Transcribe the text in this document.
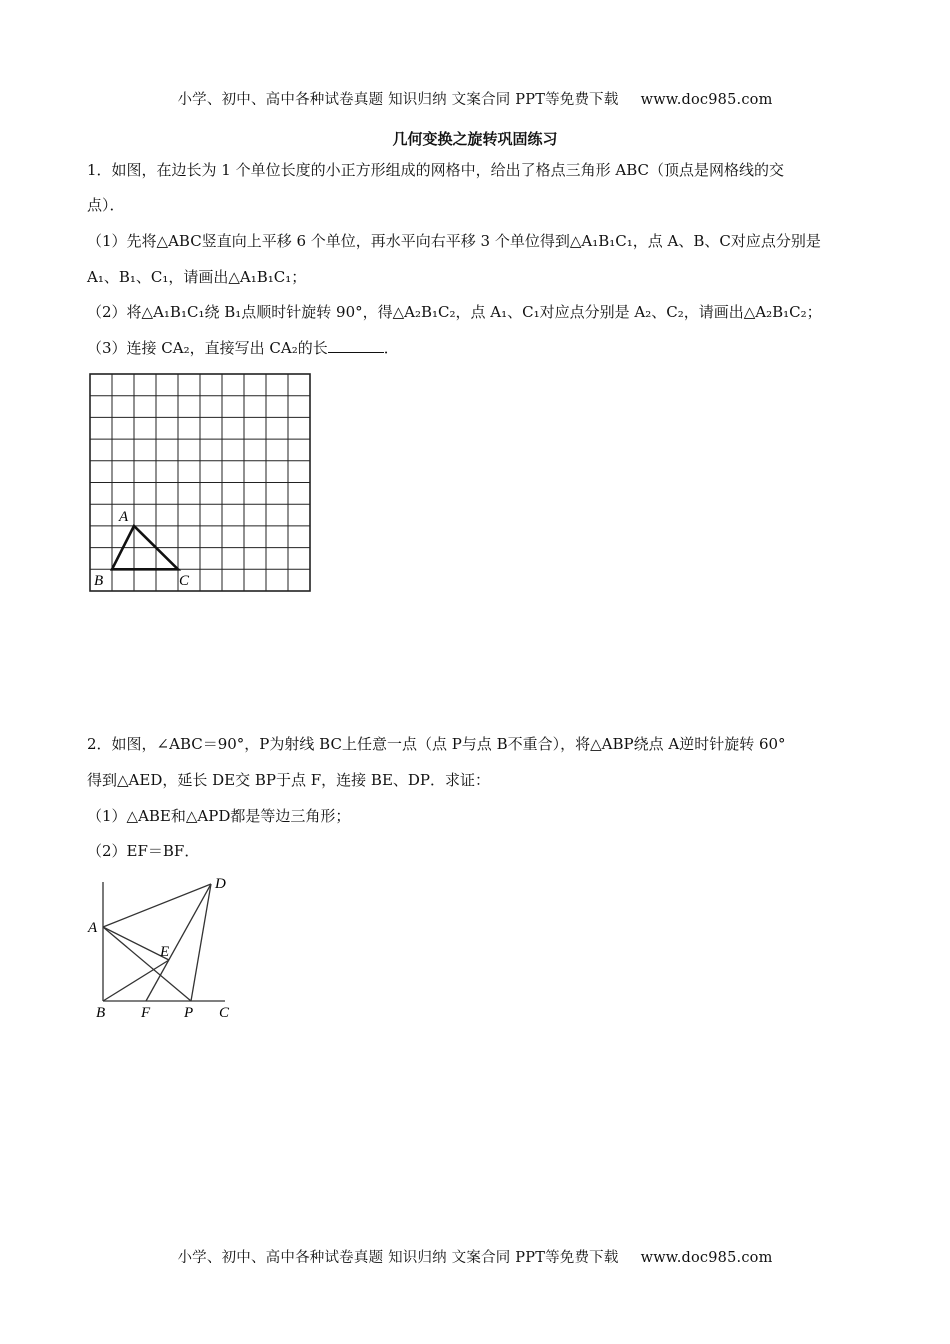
小学、初中、高中各种试卷真题 知识归纳 文案合同 PPT等免费下载 www.doc985.com
几何变换之旋转巩固练习
1．如图，在边长为 1 个单位长度的小正方形组成的网格中，给出了格点三角形 ABC（顶点是网格线的交
点）．
（1）先将△ABC竖直向上平移 6 个单位，再水平向右平移 3 个单位得到△A₁B₁C₁，点 A、B、C对应点分别是
A₁、B₁、C₁，请画出△A₁B₁C₁；
（2）将△A₁B₁C₁绕 B₁点顺时针旋转 90°，得△A₂B₁C₂，点 A₁、C₁对应点分别是 A₂、C₂，请画出△A₂B₁C₂；
（3）连接 CA₂，直接写出 CA₂的长	．
A
B	C
2．如图，∠ABC＝90°，P为射线 BC上任意一点（点 P与点 B不重合），将△ABP绕点 A逆时针旋转 60°
得到△AED，延长 DE交 BP于点 F，连接 BE、DP．求证：
（1）△ABE和△APD都是等边三角形；
（2）EF＝BF．
D
A
E
B F P C
小学、初中、高中各种试卷真题 知识归纳 文案合同 PPT等免费下载 www.doc985.com
